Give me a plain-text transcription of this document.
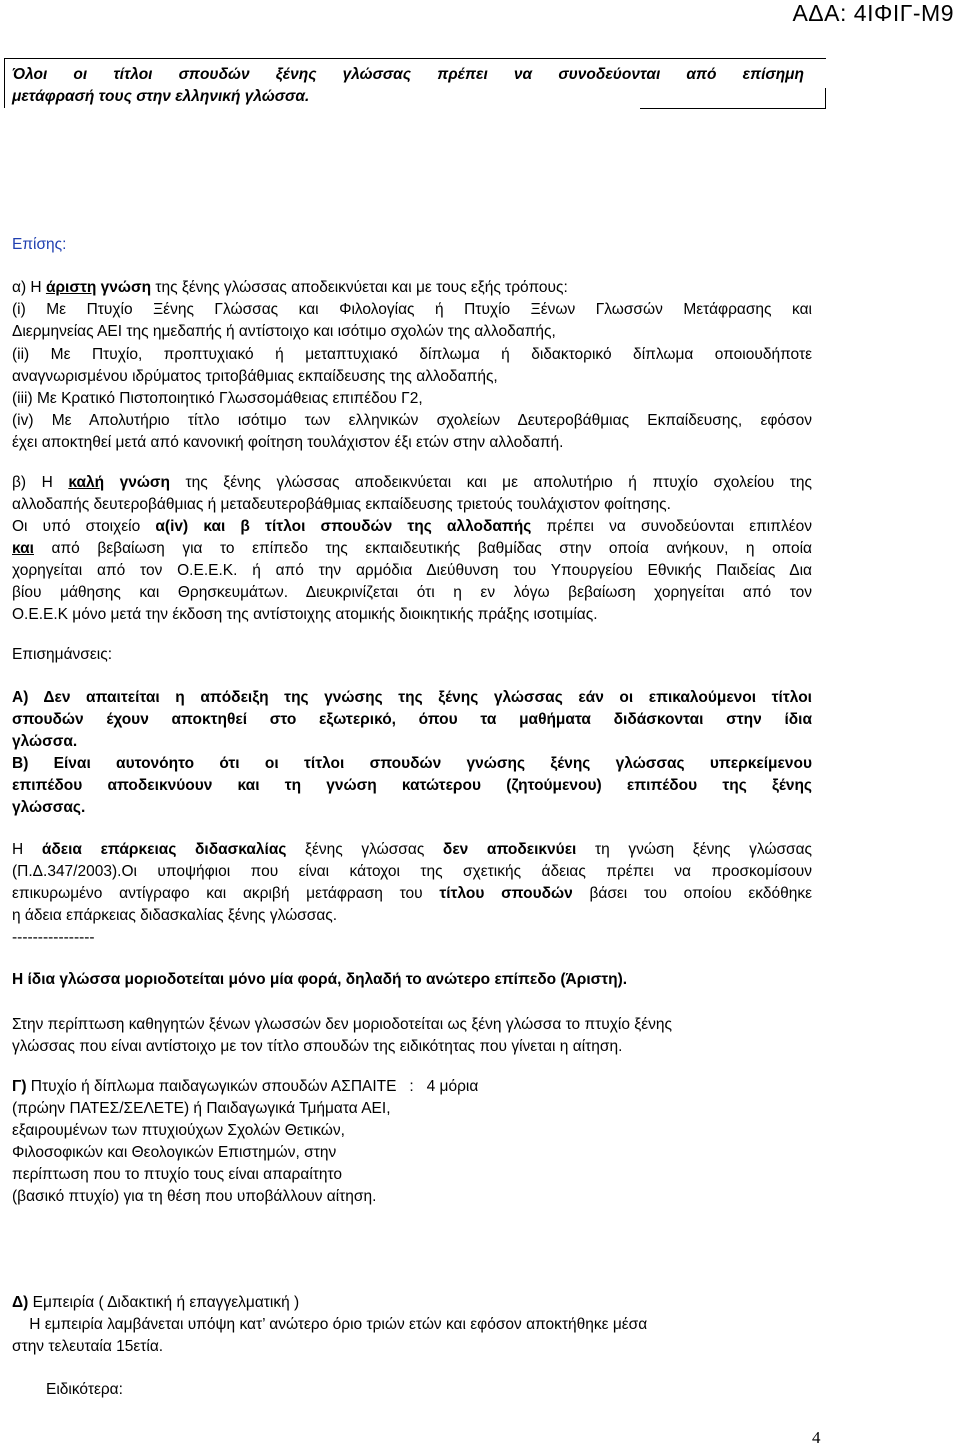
ΑΔΑ: 4ΙΦΙΓ-Μ9
Όλοι οι τίτλοι σπουδών ξένης γλώσσας πρέπει να συνοδεύονται από επίσημη
μετάφρασή τους στην ελληνική γλώσσα.
Επίσης:
α) Η άριστη γνώση της ξένης γλώσσας αποδεικνύεται και με τους εξής τρόπους:
(i) Με Πτυχίο Ξένης Γλώσσας και Φιλολογίας ή Πτυχίο Ξένων Γλωσσών Μετάφρασης και
Διερμηνείας ΑΕΙ της ημεδαπής ή αντίστοιχο και ισότιμο σχολών της αλλοδαπής,
(ii) Με Πτυχίο, προπτυχιακό ή μεταπτυχιακό δίπλωμα ή διδακτορικό δίπλωμα οποιουδήποτε
αναγνωρισμένου ιδρύματος τριτοβάθμιας εκπαίδευσης της αλλοδαπής,
(iii) Με Κρατικό Πιστοποιητικό Γλωσσομάθειας επιπέδου Γ2,
(iv) Με Απολυτήριο τίτλο ισότιμο των ελληνικών σχολείων Δευτεροβάθμιας Εκπαίδευσης, εφόσον
έχει αποκτηθεί μετά από κανονική φοίτηση τουλάχιστον έξι ετών στην αλλοδαπή.
β) Η καλή γνώση της ξένης γλώσσας αποδεικνύεται και με απολυτήριο ή πτυχίο σχολείου της
αλλοδαπής δευτεροβάθμιας ή μεταδευτεροβάθμιας εκπαίδευσης τριετούς τουλάχιστον φοίτησης.
Οι υπό στοιχείο α(iv) και β τίτλοι σπουδών της αλλοδαπής πρέπει να συνοδεύονται επιπλέον
και από βεβαίωση για το επίπεδο της εκπαιδευτικής βαθμίδας στην οποία ανήκουν, η οποία
χορηγείται από τον Ο.Ε.Ε.Κ. ή από την αρμόδια Διεύθυνση του Υπουργείου Εθνικής Παιδείας Δια
βίου μάθησης και Θρησκευμάτων. Διευκρινίζεται ότι η εν λόγω βεβαίωση χορηγείται από τον
Ο.Ε.Ε.Κ μόνο μετά την έκδοση της αντίστοιχης ατομικής διοικητικής πράξης ισοτιμίας.
Επισημάνσεις:
Α) Δεν απαιτείται η απόδειξη της γνώσης της ξένης γλώσσας εάν οι επικαλούμενοι τίτλοι
σπουδών έχουν αποκτηθεί στο εξωτερικό, όπου τα μαθήματα διδάσκονται στην ίδια
γλώσσα.
Β) Είναι αυτονόητο ότι οι τίτλοι σπουδών γνώσης ξένης γλώσσας υπερκείμενου
επιπέδου αποδεικνύουν και τη γνώση κατώτερου (ζητούμενου) επιπέδου της ξένης
γλώσσας.
Η άδεια επάρκειας διδασκαλίας ξένης γλώσσας δεν αποδεικνύει τη γνώση ξένης γλώσσας
(Π.Δ.347/2003).Οι υποψήφιοι που είναι κάτοχοι της σχετικής άδειας πρέπει να προσκομίσουν
επικυρωμένο αντίγραφο και ακριβή μετάφραση του τίτλου σπουδών βάσει του οποίου εκδόθηκε
η άδεια επάρκειας διδασκαλίας ξένης γλώσσας.
----------------
Η ίδια γλώσσα μοριοδοτείται μόνο μία φορά, δηλαδή το ανώτερο επίπεδο (Άριστη).
Στην περίπτωση καθηγητών ξένων γλωσσών δεν μοριοδοτείται ως ξένη γλώσσα το πτυχίο ξένης
γλώσσας που είναι αντίστοιχο με τον τίτλο σπουδών της ειδικότητας που γίνεται η αίτηση.
Γ) Πτυχίο ή δίπλωμα παιδαγωγικών σπουδών ΑΣΠΑΙΤΕ   :   4 μόρια
(πρώην ΠΑΤΕΣ/ΣΕΛΕΤΕ) ή Παιδαγωγικά Τμήματα ΑΕΙ,
εξαιρουμένων των πτυχιούχων Σχολών Θετικών,
Φιλοσοφικών και Θεολογικών Επιστημών, στην
περίπτωση που το πτυχίο τους είναι απαραίτητο
(βασικό πτυχίο) για τη θέση που υποβάλλουν αίτηση.
Δ) Εμπειρία ( Διδακτική ή επαγγελματική )
Η εμπειρία λαμβάνεται υπόψη κατ’ ανώτερο όριο τριών ετών και εφόσον αποκτήθηκε μέσα
στην τελευταία 15ετία.
Ειδικότερα:
4
